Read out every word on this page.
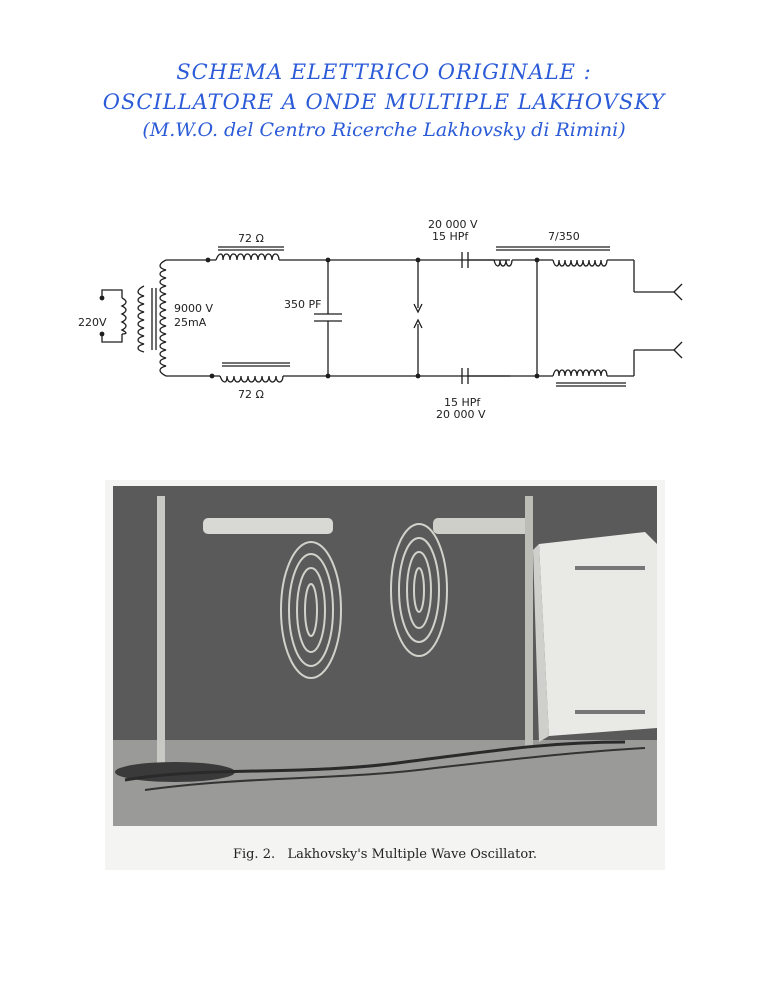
SCHEMA ELETTRICO ORIGINALE :
OSCILLATORE A ONDE MULTIPLE LAKHOVSKY
(M.W.O. del Centro Ricerche Lakhovsky di Rimini)
220V
9000 V
25mA
72 Ω
72 Ω
350 PF
20 000 V
15 HPf
15 HPf
20 000 V
7/350
Fig. 2.   Lakhovsky's Multiple Wave Oscillator.
